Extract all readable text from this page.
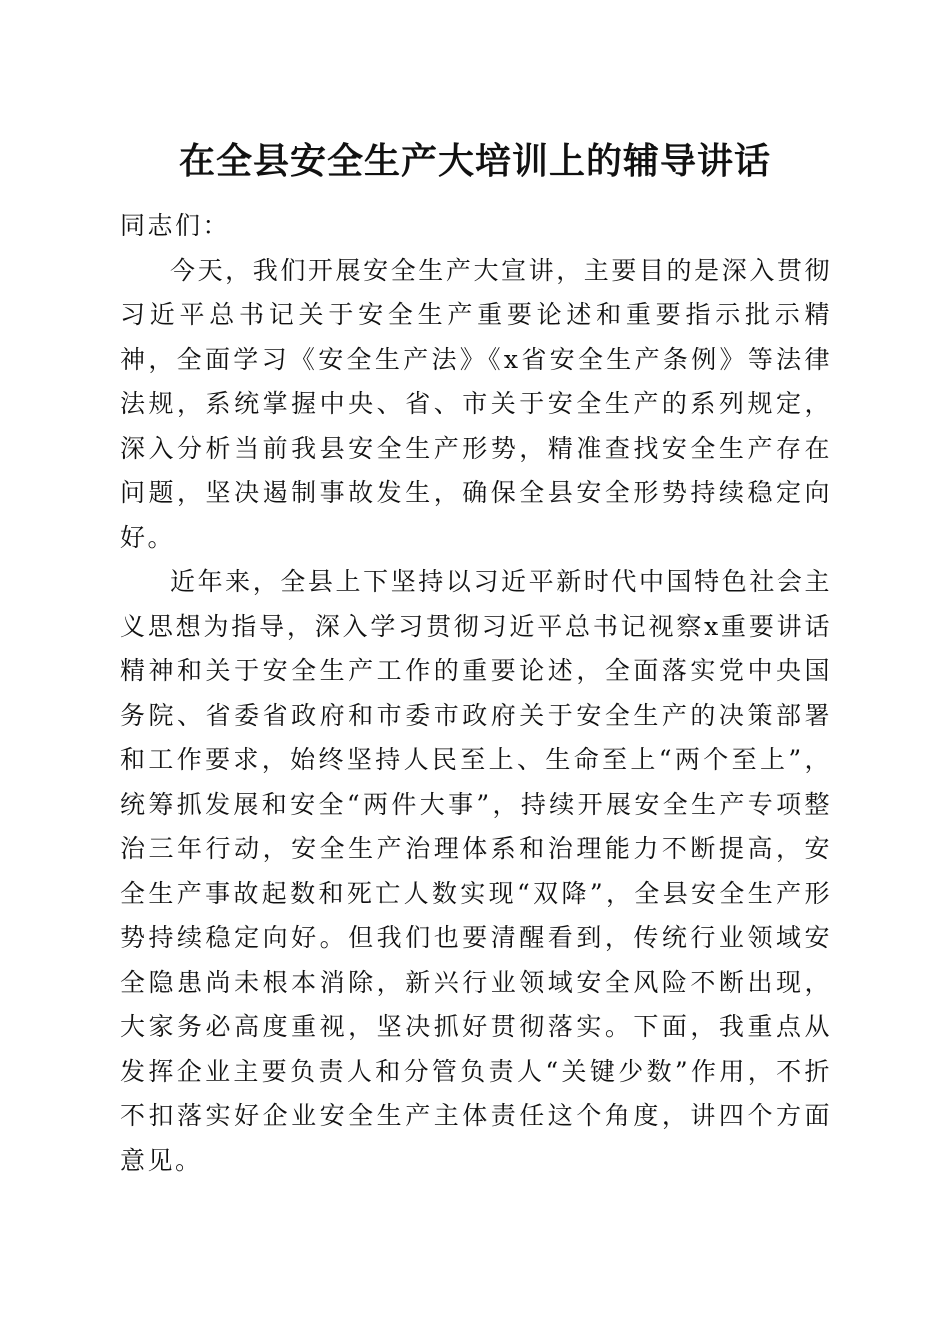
在全县安全生产大培训上的辅导讲话

同志们：

今天，我们开展安全生产大宣讲，主要目的是深入贯彻习近平总书记关于安全生产重要论述和重要指示批示精神，全面学习《安全生产法》《x省安全生产条例》等法律法规，系统掌握中央、省、市关于安全生产的系列规定，深入分析当前我县安全生产形势，精准查找安全生产存在问题，坚决遏制事故发生，确保全县安全形势持续稳定向好。

近年来，全县上下坚持以习近平新时代中国特色社会主义思想为指导，深入学习贯彻习近平总书记视察x重要讲话精神和关于安全生产工作的重要论述，全面落实党中央国务院、省委省政府和市委市政府关于安全生产的决策部署和工作要求，始终坚持人民至上、生命至上“两个至上”，统筹抓发展和安全“两件大事”，持续开展安全生产专项整治三年行动，安全生产治理体系和治理能力不断提高，安全生产事故起数和死亡人数实现“双降”，全县安全生产形势持续稳定向好。但我们也要清醒看到，传统行业领域安全隐患尚未根本消除，新兴行业领域安全风险不断出现，大家务必高度重视，坚决抓好贯彻落实。下面，我重点从发挥企业主要负责人和分管负责人“关键少数”作用，不折不扣落实好企业安全生产主体责任这个角度，讲四个方面意见。
